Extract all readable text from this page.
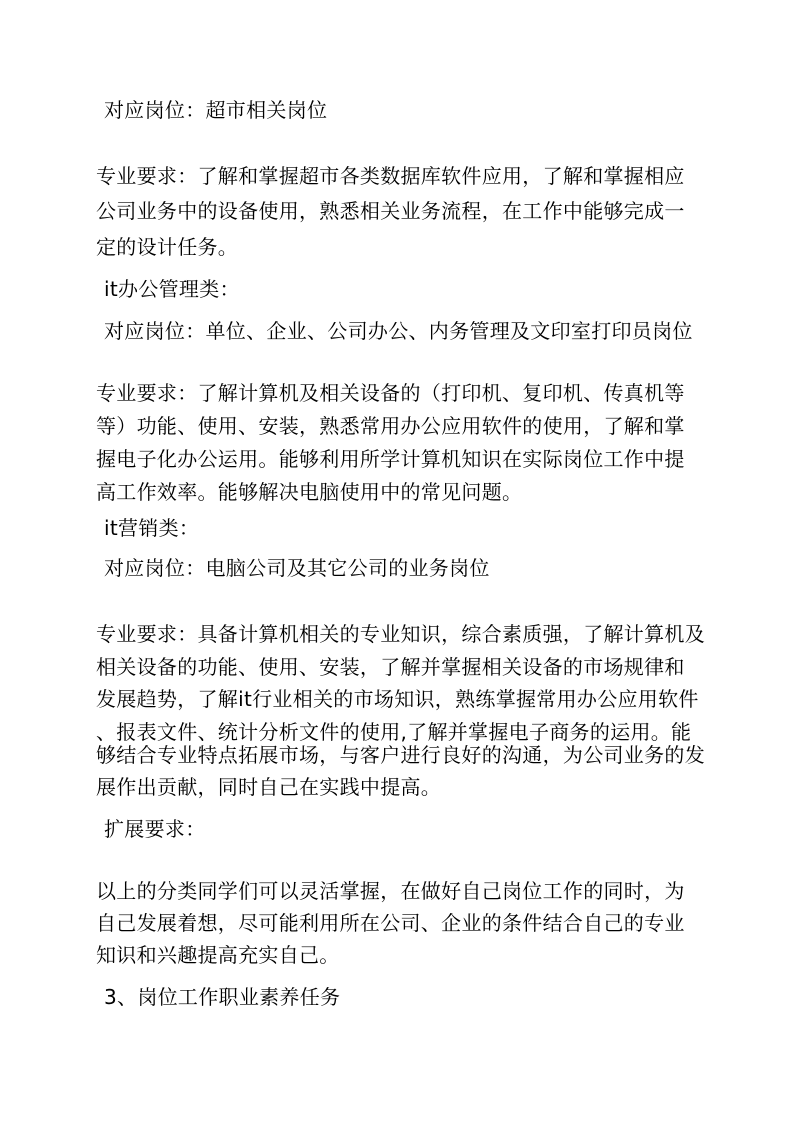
对应岗位：超市相关岗位
专业要求：了解和掌握超市各类数据库软件应用，了解和掌握相应
公司业务中的设备使用，熟悉相关业务流程，在工作中能够完成一
定的设计任务。
it办公管理类：
对应岗位：单位、企业、公司办公、内务管理及文印室打印员岗位
专业要求：了解计算机及相关设备的（打印机、复印机、传真机等
等）功能、使用、安装，熟悉常用办公应用软件的使用，了解和掌
握电子化办公运用。能够利用所学计算机知识在实际岗位工作中提
高工作效率。能够解决电脑使用中的常见问题。
it营销类：
对应岗位：电脑公司及其它公司的业务岗位
专业要求：具备计算机相关的专业知识，综合素质强，了解计算机及
相关设备的功能、使用、安装，了解并掌握相关设备的市场规律和
发展趋势，了解it行业相关的市场知识，熟练掌握常用办公应用软件
、报表文件、统计分析文件的使用,了解并掌握电子商务的运用。能
够结合专业特点拓展市场，与客户进行良好的沟通，为公司业务的发
展作出贡献，同时自己在实践中提高。
扩展要求：
以上的分类同学们可以灵活掌握，在做好自己岗位工作的同时，为
自己发展着想，尽可能利用所在公司、企业的条件结合自己的专业
知识和兴趣提高充实自己。
3、岗位工作职业素养任务
